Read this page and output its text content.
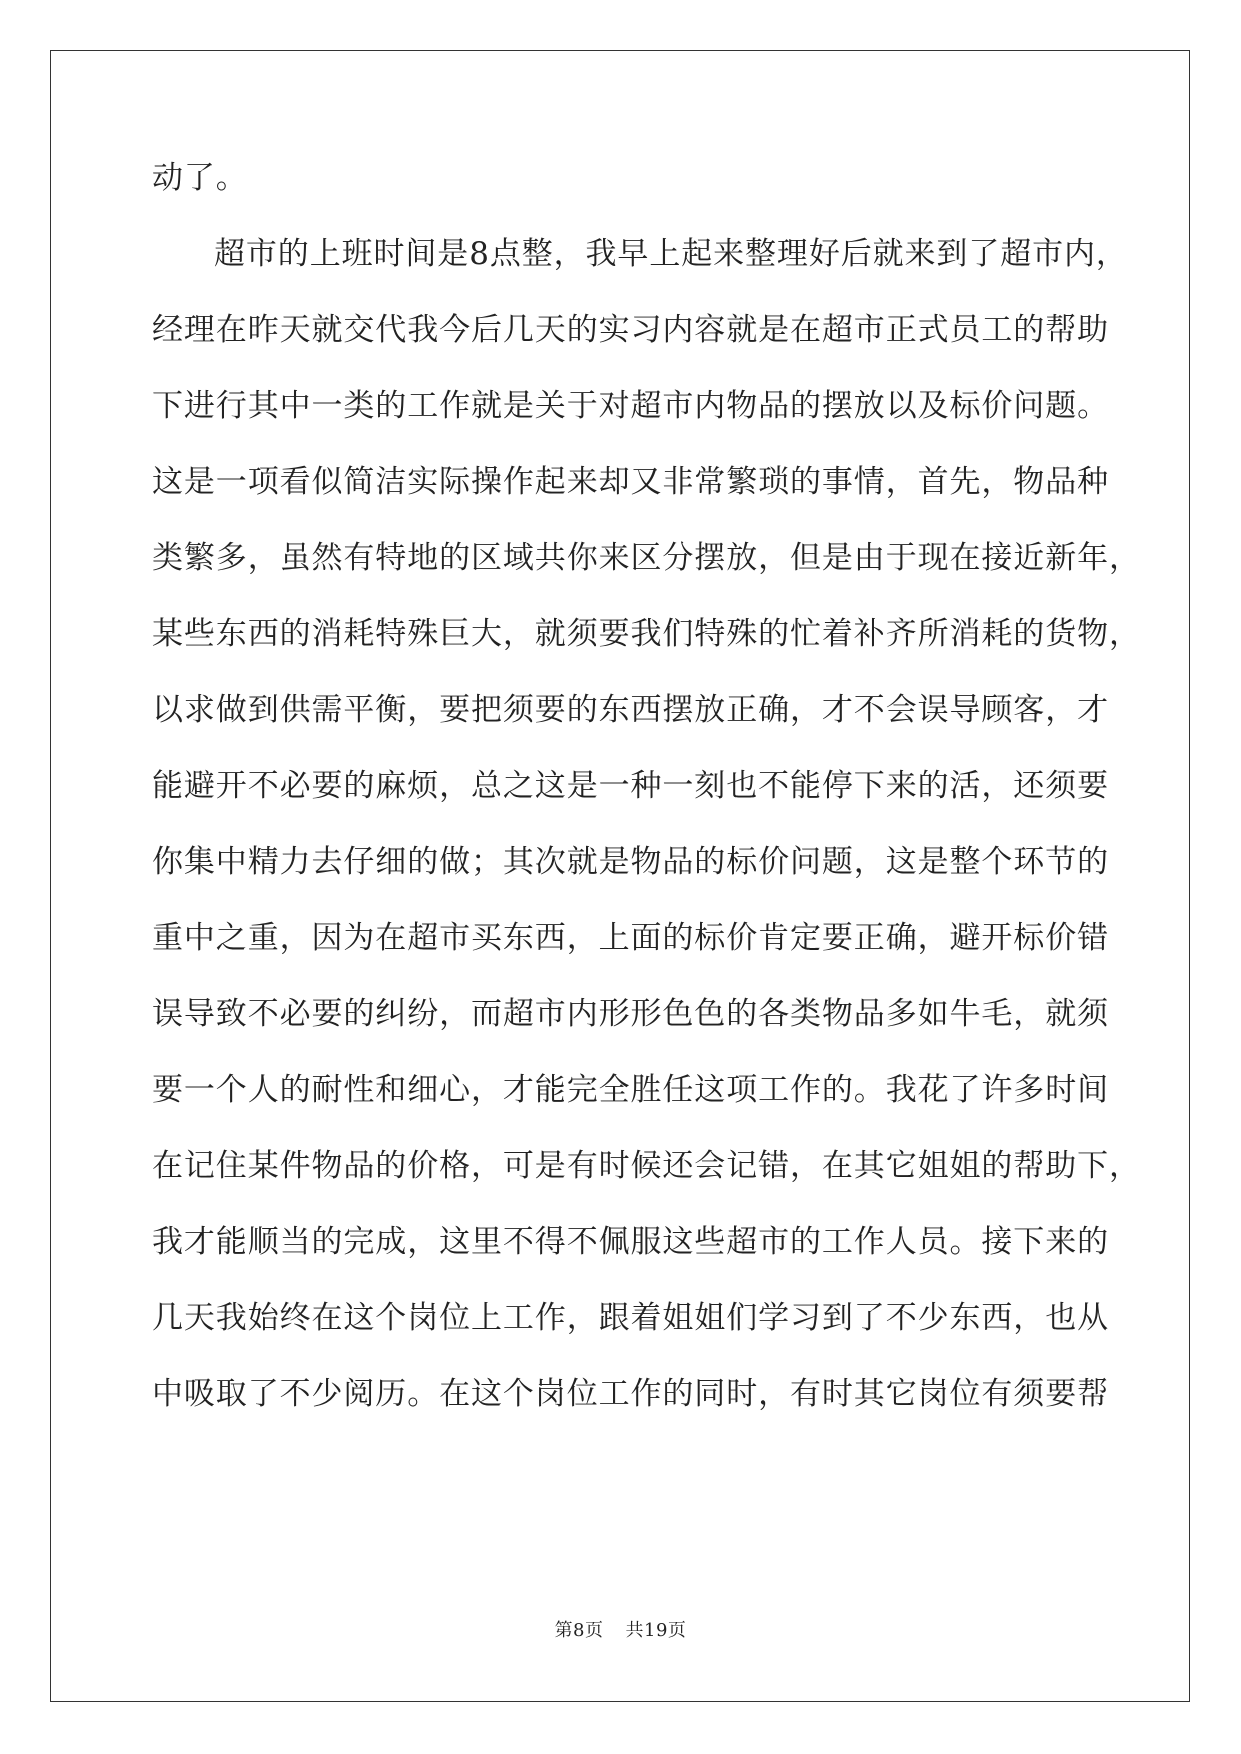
动了。
超市的上班时间是8点整，我早上起来整理好后就来到了超市内，
经理在昨天就交代我今后几天的实习内容就是在超市正式员工的帮助
下进行其中一类的工作就是关于对超市内物品的摆放以及标价问题。
这是一项看似简洁实际操作起来却又非常繁琐的事情，首先，物品种
类繁多，虽然有特地的区域共你来区分摆放，但是由于现在接近新年，
某些东西的消耗特殊巨大，就须要我们特殊的忙着补齐所消耗的货物，
以求做到供需平衡，要把须要的东西摆放正确，才不会误导顾客，才
能避开不必要的麻烦，总之这是一种一刻也不能停下来的活，还须要
你集中精力去仔细的做；其次就是物品的标价问题，这是整个环节的
重中之重，因为在超市买东西，上面的标价肯定要正确，避开标价错
误导致不必要的纠纷，而超市内形形色色的各类物品多如牛毛，就须
要一个人的耐性和细心，才能完全胜任这项工作的。我花了许多时间
在记住某件物品的价格，可是有时候还会记错，在其它姐姐的帮助下，
我才能顺当的完成，这里不得不佩服这些超市的工作人员。接下来的
几天我始终在这个岗位上工作，跟着姐姐们学习到了不少东西，也从
中吸取了不少阅历。在这个岗位工作的同时，有时其它岗位有须要帮
第8页 共19页
